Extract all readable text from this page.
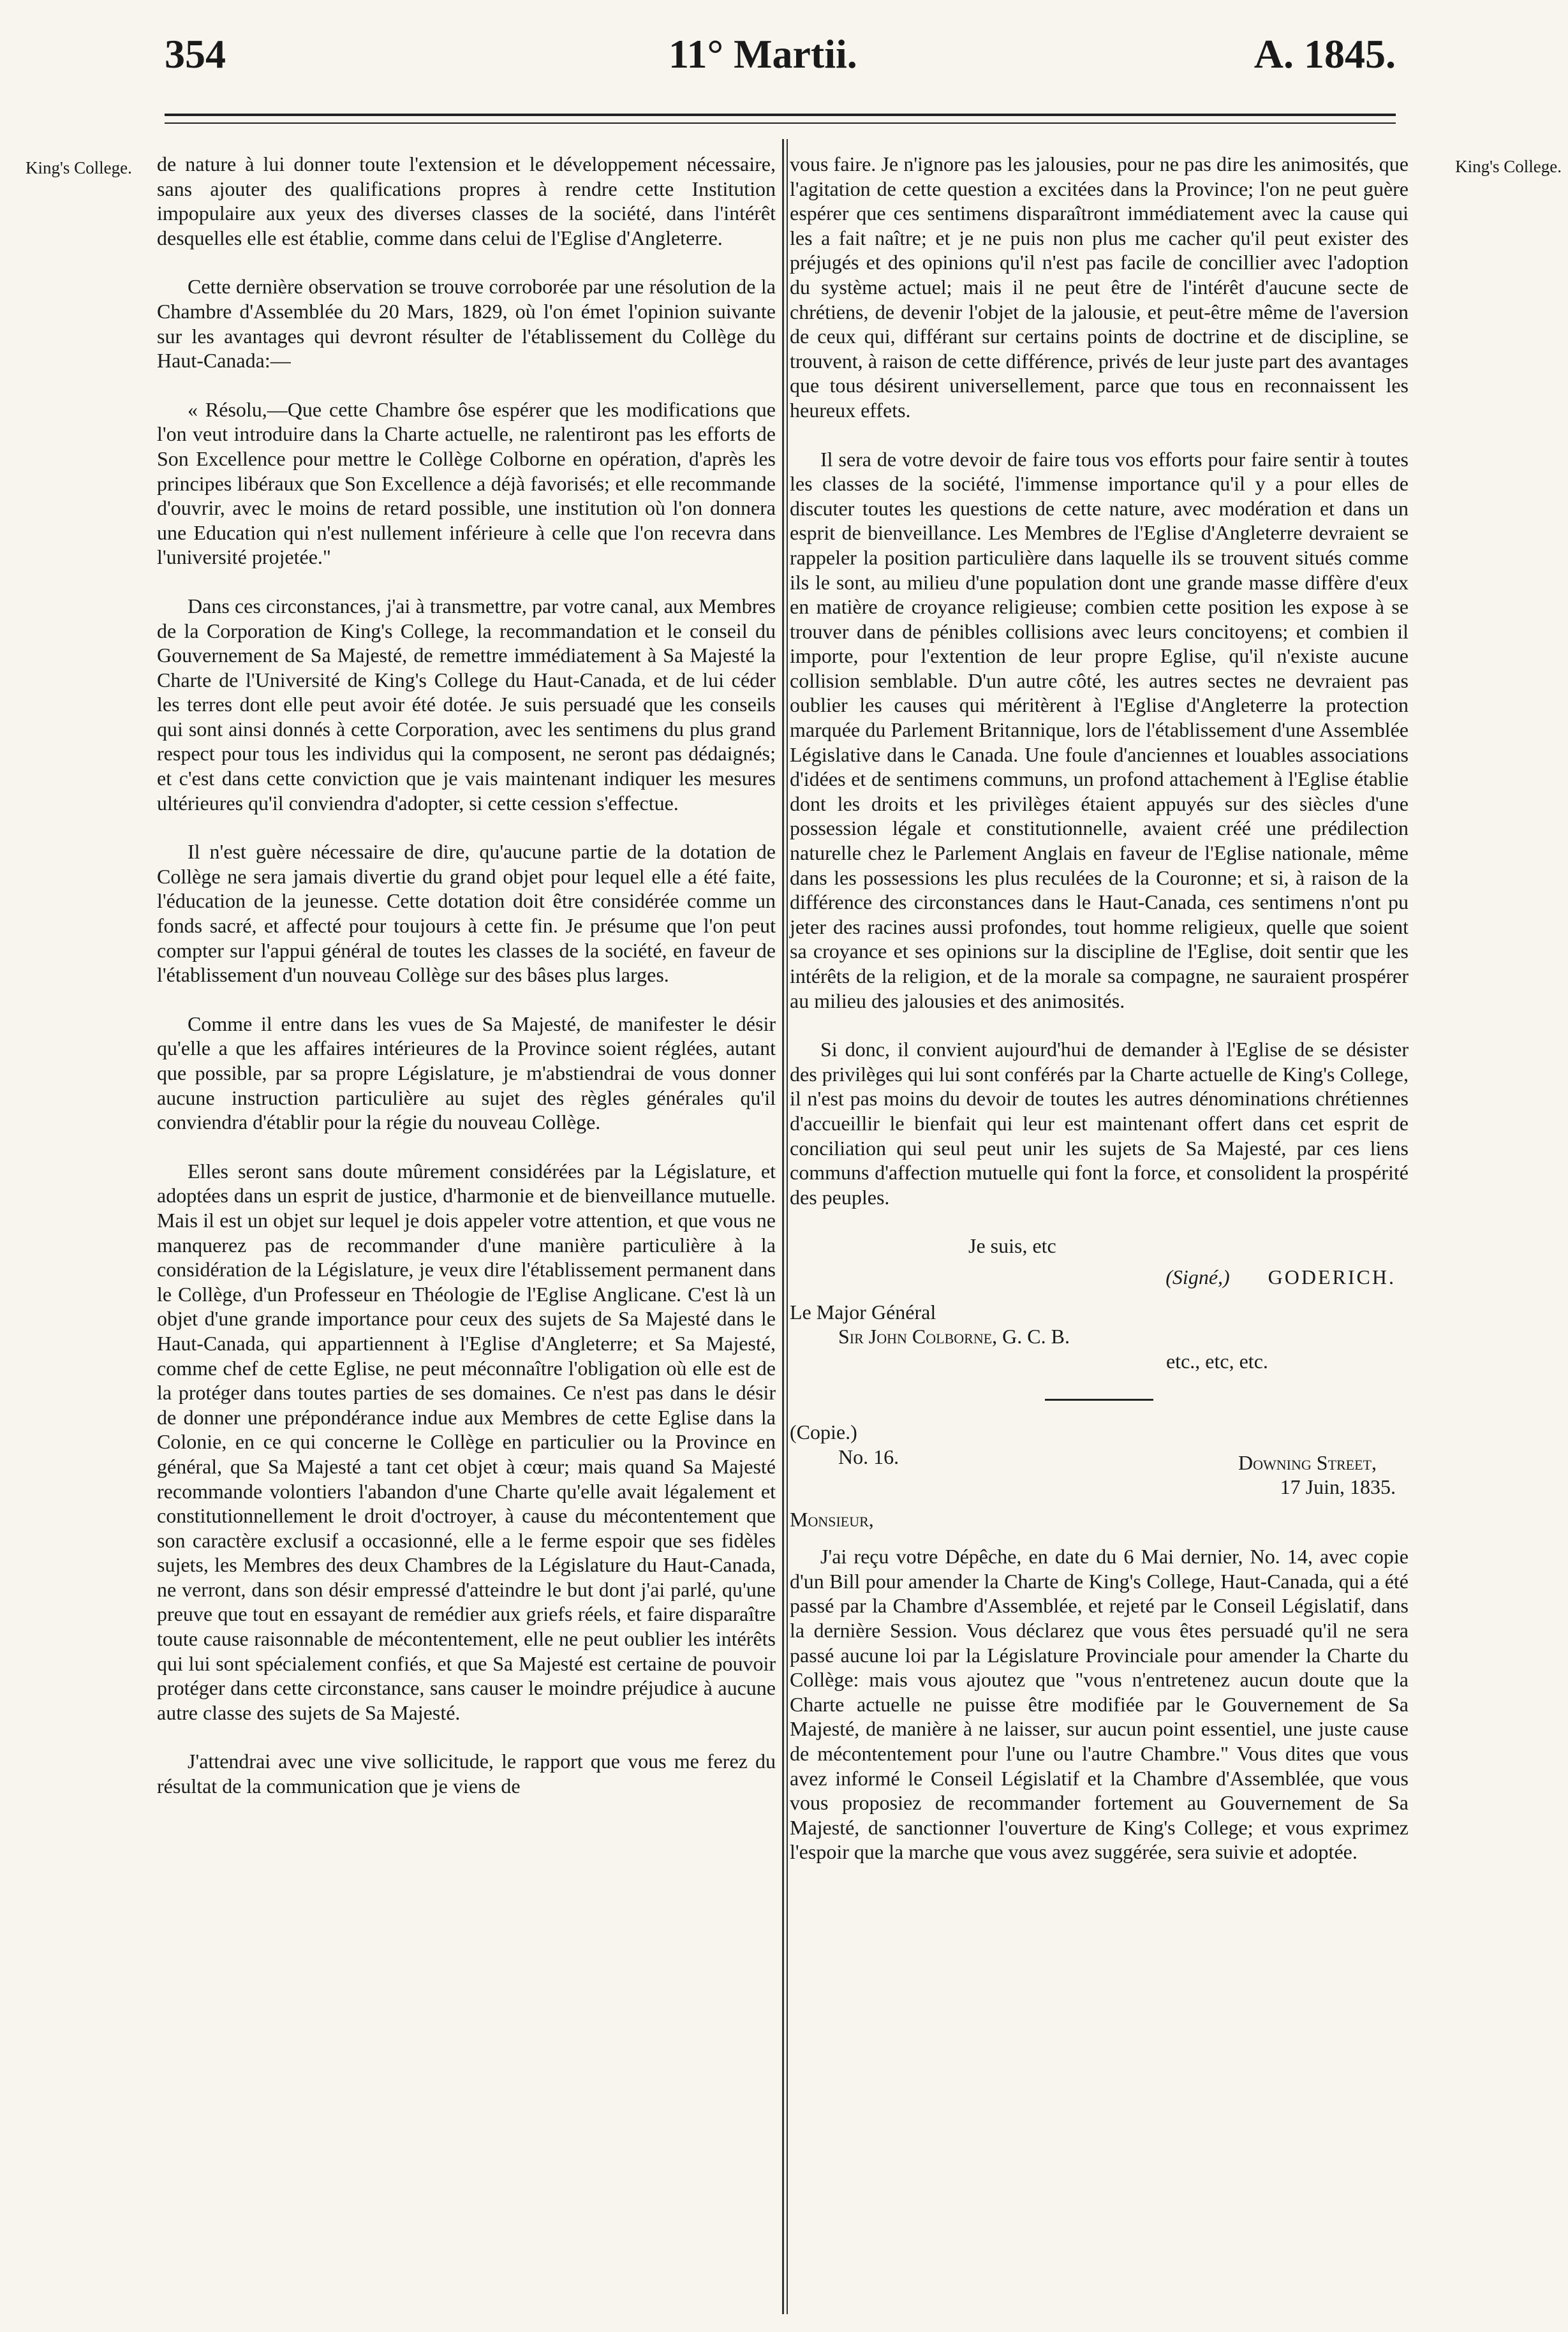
354	11° Martii.	A. 1845.
King's College.	King's College.

de nature à lui donner toute l'extension et le développement nécessaire, sans ajouter des qualifications propres à rendre cette Institution impopulaire aux yeux des diverses classes de la société, dans l'intérêt desquelles elle est établie, comme dans celui de l'Eglise d'Angleterre.

Cette dernière observation se trouve corroborée par une résolution de la Chambre d'Assemblée du 20 Mars, 1829, où l'on émet l'opinion suivante sur les avantages qui devront résulter de l'établissement du Collège du Haut-Canada:—

« Résolu,—Que cette Chambre ôse espérer que les modifications que l'on veut introduire dans la Charte actuelle, ne ralentiront pas les efforts de Son Excellence pour mettre le Collège Colborne en opération, d'après les principes libéraux que Son Excellence a déjà favorisés; et elle recommande d'ouvrir, avec le moins de retard possible, une institution où l'on donnera une Education qui n'est nullement inférieure à celle que l'on recevra dans l'université projetée."

Dans ces circonstances, j'ai à transmettre, par votre canal, aux Membres de la Corporation de King's College, la recommandation et le conseil du Gouvernement de Sa Majesté, de remettre immédiatement à Sa Majesté la Charte de l'Université de King's College du Haut-Canada, et de lui céder les terres dont elle peut avoir été dotée. Je suis persuadé que les conseils qui sont ainsi donnés à cette Corporation, avec les sentimens du plus grand respect pour tous les individus qui la composent, ne seront pas dédaignés; et c'est dans cette conviction que je vais maintenant indiquer les mesures ultérieures qu'il conviendra d'adopter, si cette cession s'effectue.

Il n'est guère nécessaire de dire, qu'aucune partie de la dotation de Collège ne sera jamais divertie du grand objet pour lequel elle a été faite, l'éducation de la jeunesse. Cette dotation doit être considérée comme un fonds sacré, et affecté pour toujours à cette fin. Je présume que l'on peut compter sur l'appui général de toutes les classes de la société, en faveur de l'établissement d'un nouveau Collège sur des bâses plus larges.

Comme il entre dans les vues de Sa Majesté, de manifester le désir qu'elle a que les affaires intérieures de la Province soient réglées, autant que possible, par sa propre Législature, je m'abstiendrai de vous donner aucune instruction particulière au sujet des règles générales qu'il conviendra d'établir pour la régie du nouveau Collège.

Elles seront sans doute mûrement considérées par la Législature, et adoptées dans un esprit de justice, d'harmonie et de bienveillance mutuelle. Mais il est un objet sur lequel je dois appeler votre attention, et que vous ne manquerez pas de recommander d'une manière particulière à la considération de la Législature, je veux dire l'établissement permanent dans le Collège, d'un Professeur en Théologie de l'Eglise Anglicane. C'est là un objet d'une grande importance pour ceux des sujets de Sa Majesté dans le Haut-Canada, qui appartiennent à l'Eglise d'Angleterre; et Sa Majesté, comme chef de cette Eglise, ne peut méconnaître l'obligation où elle est de la protéger dans toutes parties de ses domaines. Ce n'est pas dans le désir de donner une prépondérance indue aux Membres de cette Eglise dans la Colonie, en ce qui concerne le Collège en particulier ou la Province en général, que Sa Majesté a tant cet objet à cœur; mais quand Sa Majesté recommande volontiers l'abandon d'une Charte qu'elle avait légalement et constitutionnellement le droit d'octroyer, à cause du mécontentement que son caractère exclusif a occasionné, elle a le ferme espoir que ses fidèles sujets, les Membres des deux Chambres de la Législature du Haut-Canada, ne verront, dans son désir empressé d'atteindre le but dont j'ai parlé, qu'une preuve que tout en essayant de remédier aux griefs réels, et faire disparaître toute cause raisonnable de mécontentement, elle ne peut oublier les intérêts qui lui sont spécialement confiés, et que Sa Majesté est certaine de pouvoir protéger dans cette circonstance, sans causer le moindre préjudice à aucune autre classe des sujets de Sa Majesté.

J'attendrai avec une vive sollicitude, le rapport que vous me ferez du résultat de la communication que je viens de

vous faire. Je n'ignore pas les jalousies, pour ne pas dire les animosités, que l'agitation de cette question a excitées dans la Province; l'on ne peut guère espérer que ces sentimens disparaîtront immédiatement avec la cause qui les a fait naître; et je ne puis non plus me cacher qu'il peut exister des préjugés et des opinions qu'il n'est pas facile de concillier avec l'adoption du système actuel; mais il ne peut être de l'intérêt d'aucune secte de chrétiens, de devenir l'objet de la jalousie, et peut-être même de l'aversion de ceux qui, différant sur certains points de doctrine et de discipline, se trouvent, à raison de cette différence, privés de leur juste part des avantages que tous désirent universellement, parce que tous en reconnaissent les heureux effets.

Il sera de votre devoir de faire tous vos efforts pour faire sentir à toutes les classes de la société, l'immense importance qu'il y a pour elles de discuter toutes les questions de cette nature, avec modération et dans un esprit de bienveillance. Les Membres de l'Eglise d'Angleterre devraient se rappeler la position particulière dans laquelle ils se trouvent situés comme ils le sont, au milieu d'une population dont une grande masse diffère d'eux en matière de croyance religieuse; combien cette position les expose à se trouver dans de pénibles collisions avec leurs concitoyens; et combien il importe, pour l'extention de leur propre Eglise, qu'il n'existe aucune collision semblable. D'un autre côté, les autres sectes ne devraient pas oublier les causes qui méritèrent à l'Eglise d'Angleterre la protection marquée du Parlement Britannique, lors de l'établissement d'une Assemblée Législative dans le Canada. Une foule d'anciennes et louables associations d'idées et de sentimens communs, un profond attachement à l'Eglise établie dont les droits et les privilèges étaient appuyés sur des siècles d'une possession légale et constitutionnelle, avaient créé une prédilection naturelle chez le Parlement Anglais en faveur de l'Eglise nationale, même dans les possessions les plus reculées de la Couronne; et si, à raison de la différence des circonstances dans le Haut-Canada, ces sentimens n'ont pu jeter des racines aussi profondes, tout homme religieux, quelle que soient sa croyance et ses opinions sur la discipline de l'Eglise, doit sentir que les intérêts de la religion, et de la morale sa compagne, ne sauraient prospérer au milieu des jalousies et des animosités.

Si donc, il convient aujourd'hui de demander à l'Eglise de se désister des privilèges qui lui sont conférés par la Charte actuelle de King's College, il n'est pas moins du devoir de toutes les autres dénominations chrétiennes d'accueillir le bienfait qui leur est maintenant offert dans cet esprit de conciliation qui seul peut unir les sujets de Sa Majesté, par ces liens communs d'affection mutuelle qui font la force, et consolident la prospérité des peuples.

Je suis, etc
(Signé,) GODERICH.
Le Major Général
Sir John Colborne, G. C. B.
etc., etc, etc.
(Copie.)
No. 16.	Downing Street,
17 Juin, 1835.
Monsieur,

J'ai reçu votre Dépêche, en date du 6 Mai dernier, No. 14, avec copie d'un Bill pour amender la Charte de King's College, Haut-Canada, qui a été passé par la Chambre d'Assemblée, et rejeté par le Conseil Législatif, dans la dernière Session. Vous déclarez que vous êtes persuadé qu'il ne sera passé aucune loi par la Législature Provinciale pour amender la Charte du Collège: mais vous ajoutez que "vous n'entretenez aucun doute que la Charte actuelle ne puisse être modifiée par le Gouvernement de Sa Majesté, de manière à ne laisser, sur aucun point essentiel, une juste cause de mécontentement pour l'une ou l'autre Chambre." Vous dites que vous avez informé le Conseil Législatif et la Chambre d'Assemblée, que vous vous proposiez de recommander fortement au Gouvernement de Sa Majesté, de sanctionner l'ouverture de King's College; et vous exprimez l'espoir que la marche que vous avez suggérée, sera suivie et adoptée.
